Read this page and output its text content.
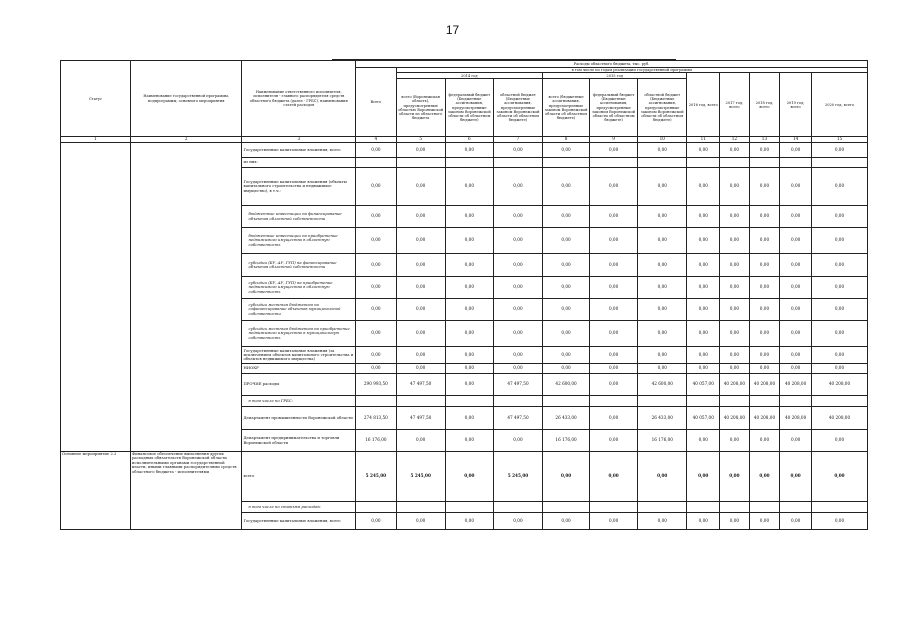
17
Статус	Наименование государственной программы, подпрограммы, основного мероприятия	Наименование ответственного исполнителя, исполнителя - главного распорядителя средств областного бюджета (далее - ГРБС), наименования статей расходов	Расходы областного бюджета, тыс. руб.											
			Всего	в том числе по годам реализации государственной программы										
				2014 год			2015 год			2016 год, всего	2017 год, всего	2018 год, всего	2019 год, всего	2020 год, всего
				всего (Воронежская область), предусмотренные областью Воронежской области из областного бюджета	федеральный бюджет (Бюджетные ассигнования, предусмотренные законом Воронежской области об областном бюджете)	областной бюджет (Бюджетные ассигнования, предусмотренные законом Воронежской области об областном бюджете)	всего (бюджетные ассигнования, предусмотренные законом Воронежской области об областном бюджете)	федеральный бюджет (Бюджетные ассигнования, предусмотренные законом Воронежской области об областном бюджете)	областной бюджет (Бюджетные ассигнования, предусмотренные законом Воронежской области об областном бюджете)					
1	2	3	4	5	6	7	8	9	10	11	12	13	14	15
		Государственные капитальные вложения, всего	0,00	0,00	0,00	0,00	0,00	0,00	0,00	0,00	0,00	0,00	0,00	0,00
		из них:												
		Государственные капитальные вложения (объекты капитального строительства и недвижимое имущество), в т.ч.:	0,00	0,00	0,00	0,00	0,00	0,00	0,00	0,00	0,00	0,00	0,00	0,00
		бюджетные инвестиции на финансирование объектов областной собственности	0,00	0,00	0,00	0,00	0,00	0,00	0,00	0,00	0,00	0,00	0,00	0,00
		бюджетные инвестиции на приобретение недвижимого имущества в областную собственность	0,00	0,00	0,00	0,00	0,00	0,00	0,00	0,00	0,00	0,00	0,00	0,00
		субсидии (БУ, АУ, ГУП) на финансирование объектов областной собственности	0,00	0,00	0,00	0,00	0,00	0,00	0,00	0,00	0,00	0,00	0,00	0,00
		субсидии (БУ, АУ, ГУП) на приобретение недвижимого имущества в областную собственность	0,00	0,00	0,00	0,00	0,00	0,00	0,00	0,00	0,00	0,00	0,00	0,00
		субсидии местным бюджетам на софинансирование объектов муниципальной собственности	0,00	0,00	0,00	0,00	0,00	0,00	0,00	0,00	0,00	0,00	0,00	0,00
		субсидии местным бюджетам на приобретение недвижимого имущества в муниципальную собственность	0,00	0,00	0,00	0,00	0,00	0,00	0,00	0,00	0,00	0,00	0,00	0,00
		Государственные капитальные вложения (за исключением объектов капитального строительства и объектов недвижимого имущества)	0,00	0,00	0,00	0,00	0,00	0,00	0,00	0,00	0,00	0,00	0,00	0,00
		НИОКР	0,00	0,00	0,00	0,00	0,00	0,00	0,00	0,00	0,00	0,00	0,00	0,00
		ПРОЧИЕ расходы	290 993,50	47 497,50	0,00	47 497,50	42 600,00	0,00	42 600,00	40 057,00	40 208,00	40 208,00	40 208,00	40 208,00
		в том числе по ГРБС:												
		Департамент промышленности Воронежской области	274 813,50	47 497,50	0,00	47 497,50	26 433,00	0,00	26 433,00	40 057,00	40 208,00	40 208,00	40 208,00	40 208,00
		Департамент предпринимательства и торговли Воронежской области	16 176,00	0,00	0,00	0,00	16 176,00	0,00	16 176,00	0,00	0,00	0,00	0,00	0,00
Основное мероприятие 2.2	Финансовое обеспечение выполнения других расходных обязательств Воронежской области исполнительными органами государственной власти, иными главными распорядителями средств областного бюджета - исполнителями	всего	5 245,00	5 245,00	0,00	5 245,00	0,00	0,00	0,00	0,00	0,00	0,00	0,00	0,00
		в том числе по статьям расходов:												
		Государственные капитальные вложения, всего	0,00	0,00	0,00	0,00	0,00	0,00	0,00	0,00	0,00	0,00	0,00	0,00
